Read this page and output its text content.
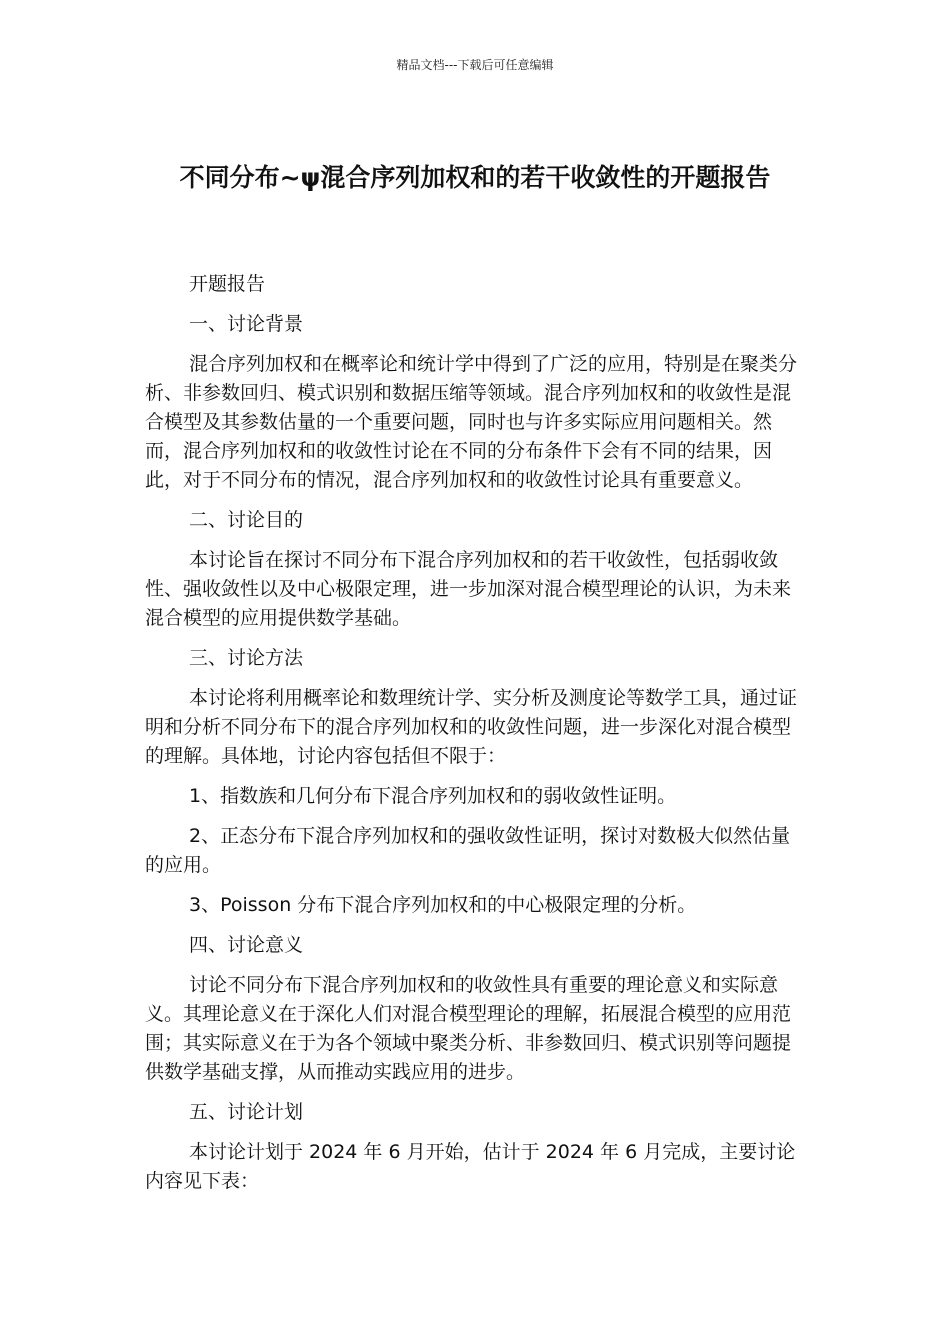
精品文档---下载后可任意编辑
不同分布~ψ混合序列加权和的若干收敛性的开题报告

开题报告

一、讨论背景

混合序列加权和在概率论和统计学中得到了广泛的应用，特别是在聚类分析、非参数回归、模式识别和数据压缩等领域。混合序列加权和的收敛性是混合模型及其参数估量的一个重要问题，同时也与许多实际应用问题相关。然而，混合序列加权和的收敛性讨论在不同的分布条件下会有不同的结果，因此，对于不同分布的情况，混合序列加权和的收敛性讨论具有重要意义。

二、讨论目的

本讨论旨在探讨不同分布下混合序列加权和的若干收敛性，包括弱收敛性、强收敛性以及中心极限定理，进一步加深对混合模型理论的认识，为未来混合模型的应用提供数学基础。

三、讨论方法

本讨论将利用概率论和数理统计学、实分析及测度论等数学工具，通过证明和分析不同分布下的混合序列加权和的收敛性问题，进一步深化对混合模型的理解。具体地，讨论内容包括但不限于：

1、指数族和几何分布下混合序列加权和的弱收敛性证明。

2、正态分布下混合序列加权和的强收敛性证明，探讨对数极大似然估量的应用。

3、Poisson 分布下混合序列加权和的中心极限定理的分析。

四、讨论意义

讨论不同分布下混合序列加权和的收敛性具有重要的理论意义和实际意义。其理论意义在于深化人们对混合模型理论的理解，拓展混合模型的应用范围；其实际意义在于为各个领域中聚类分析、非参数回归、模式识别等问题提供数学基础支撑，从而推动实践应用的进步。

五、讨论计划

本讨论计划于 2024 年 6 月开始，估计于 2024 年 6 月完成，主要讨论内容见下表：
